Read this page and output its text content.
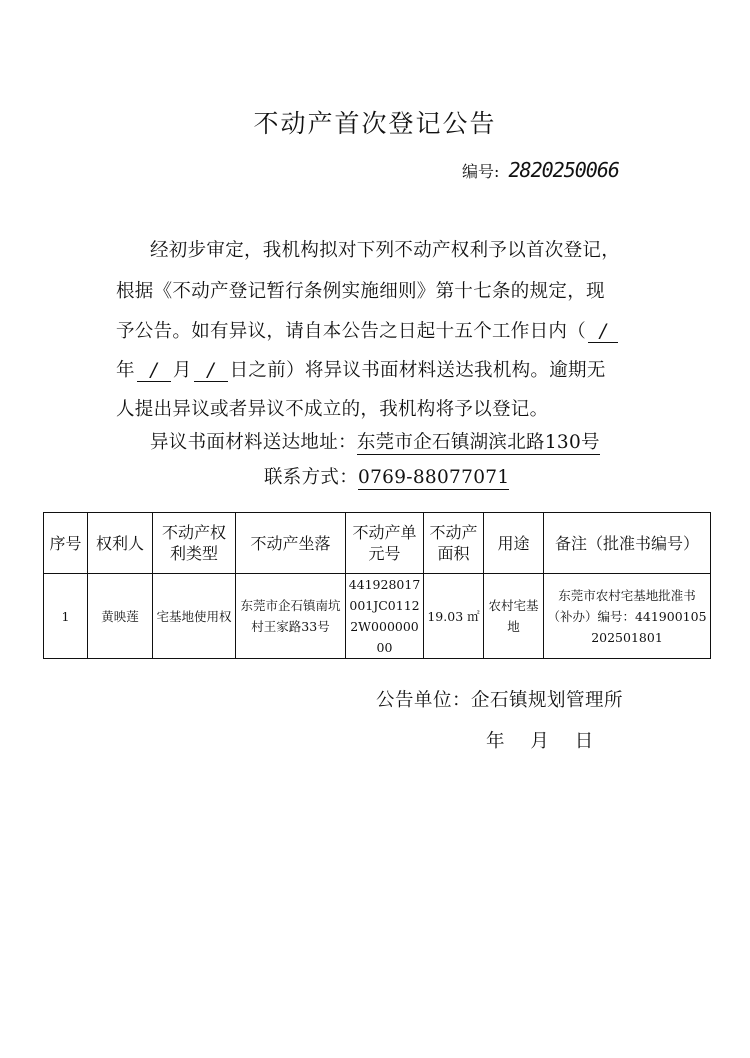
不动产首次登记公告
编号: 2820250066
经初步审定，我机构拟对下列不动产权利予以首次登记，
根据《不动产登记暂行条例实施细则》第十七条的规定，现
予公告。如有异议，请自本公告之日起十五个工作日内（ /
年 / 月 / 日之前）将异议书面材料送达我机构。逾期无
人提出异议或者异议不成立的，我机构将予以登记。
异议书面材料送达地址：东莞市企石镇湖滨北路130号
联系方式：0769-88077071
序号	权利人	不动产权利类型	不动产坐落	不动产单元号	不动产面积	用途	备注（批准书编号）
1	黄映莲	宅基地使用权	东莞市企石镇南坑村王家路33号	441928017001JC01122W00000000	19.03 ㎡	农村宅基地	东莞市农村宅基地批准书（补办）编号：441900105202501801
公告单位：企石镇规划管理所
年 月 日
